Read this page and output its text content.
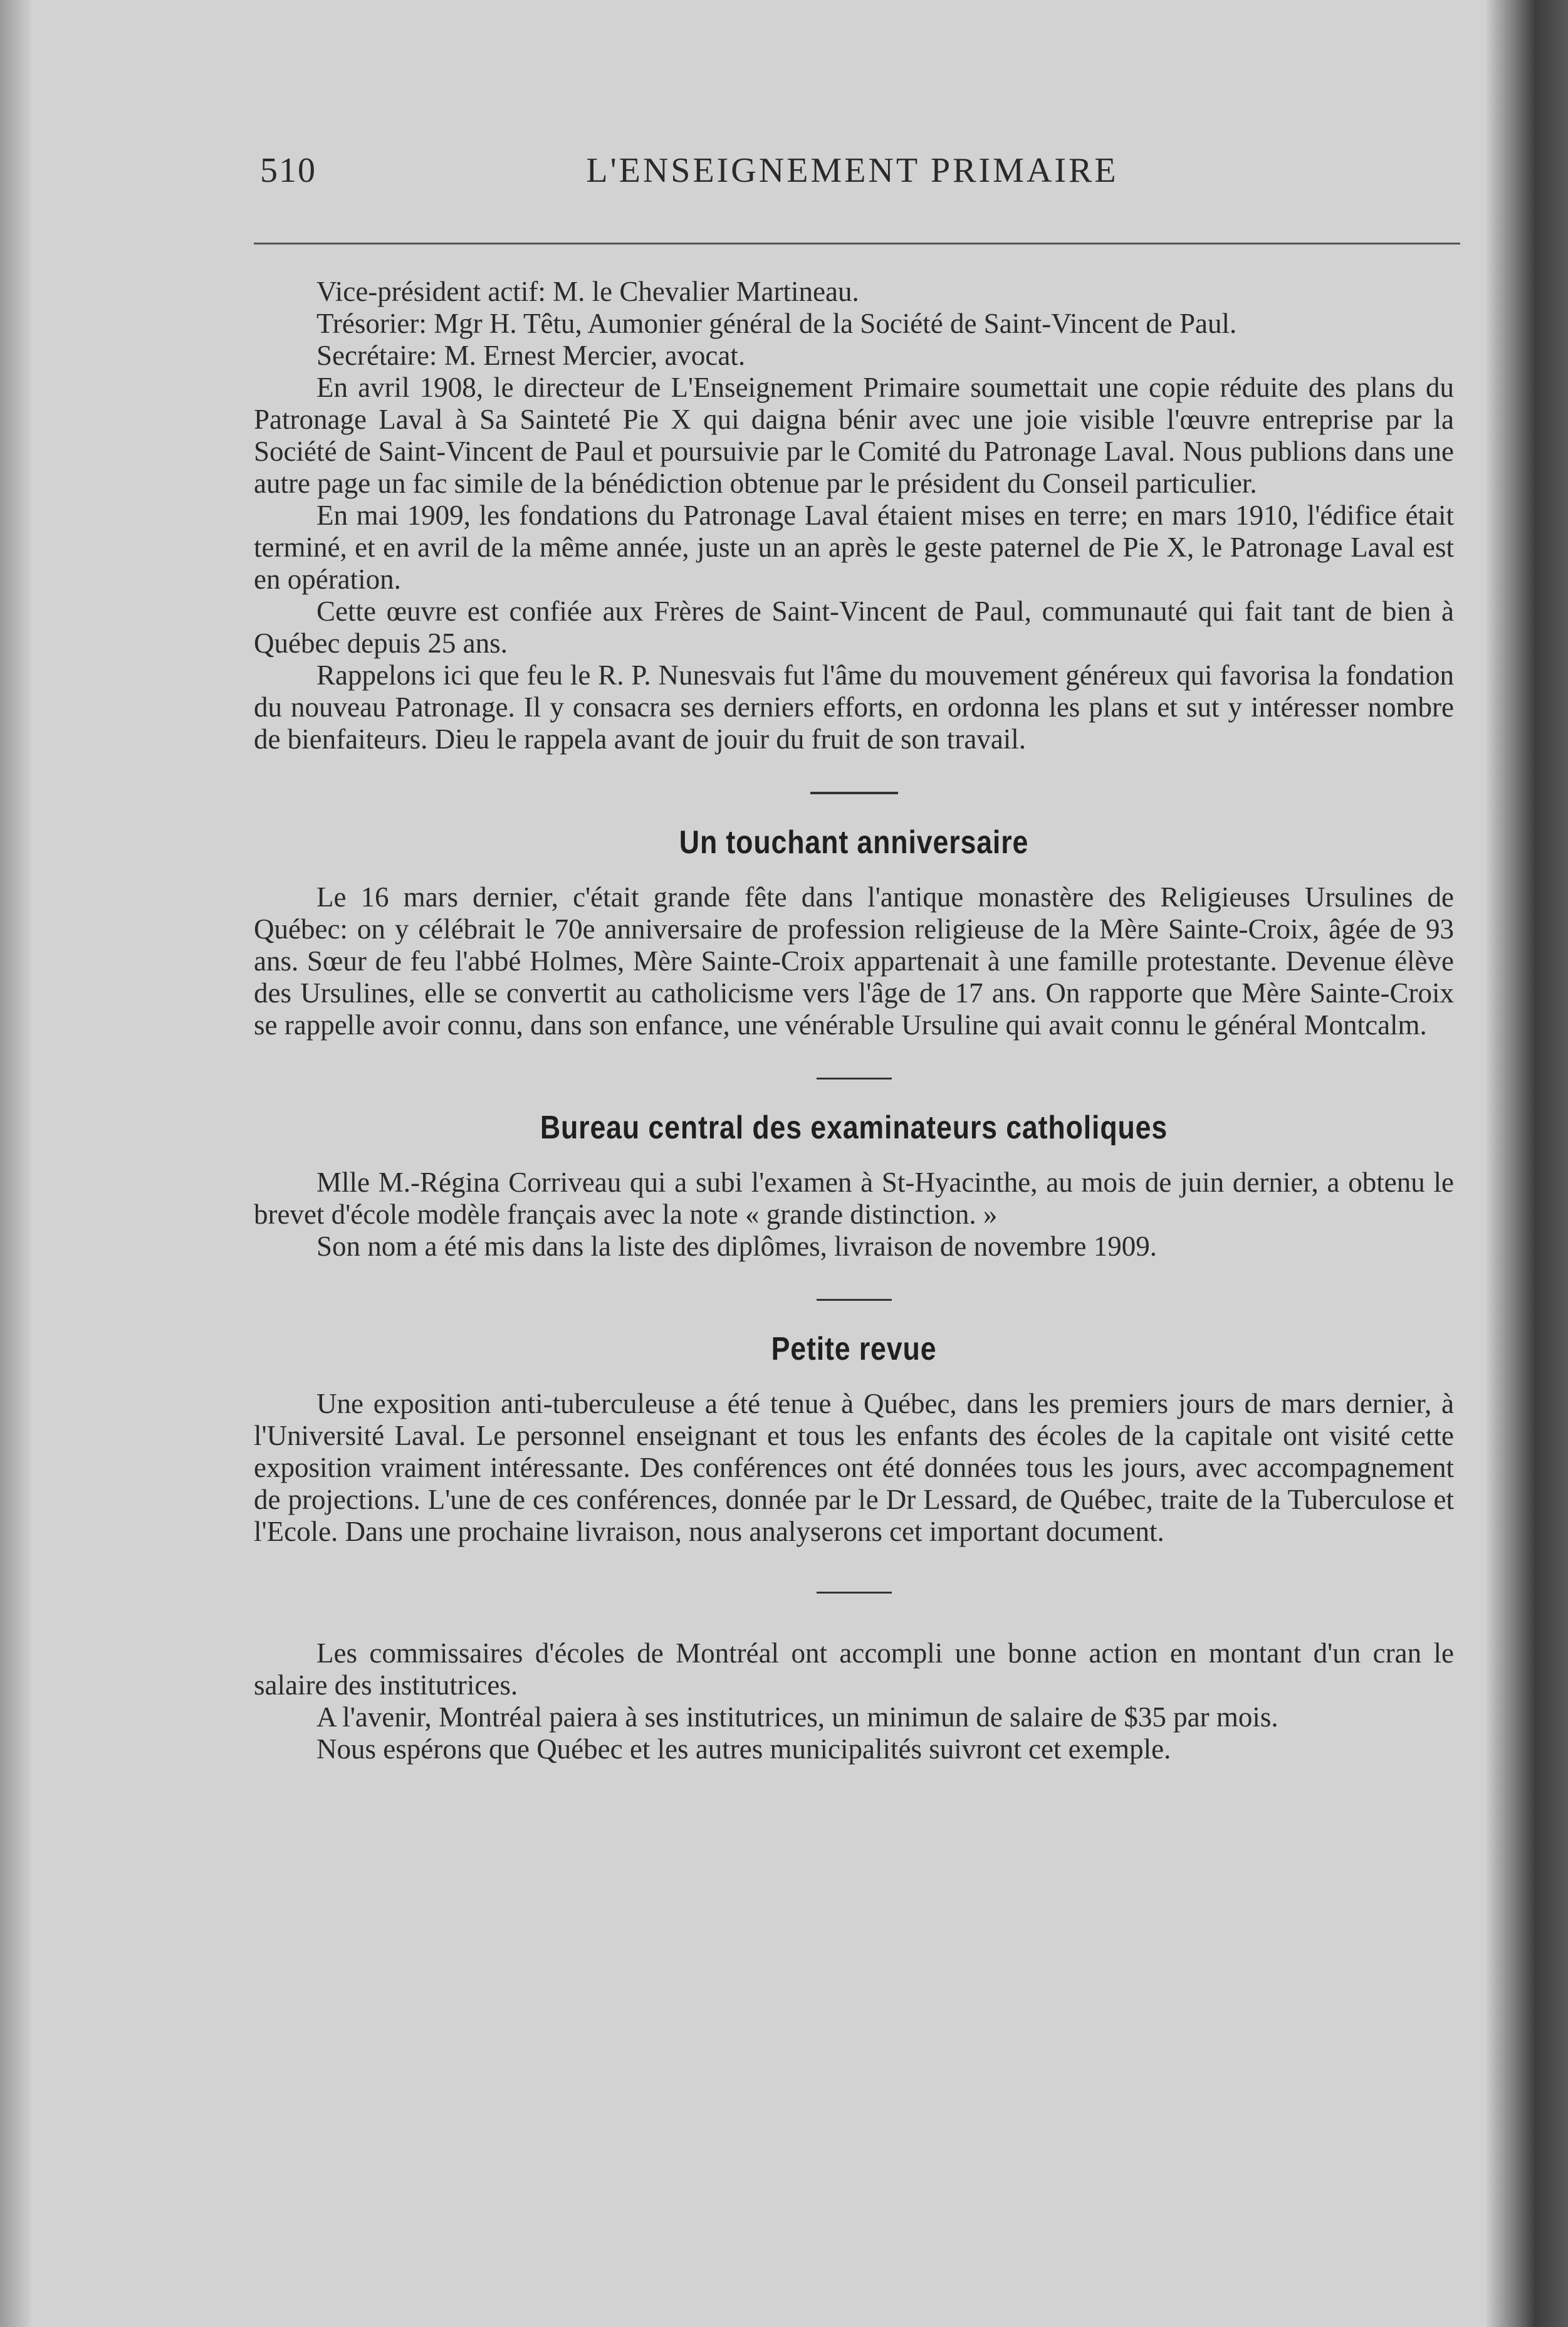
510	L'ENSEIGNEMENT PRIMAIRE

Vice-président actif: M. le Chevalier Martineau.

Trésorier: Mgr H. Têtu, Aumonier général de la Société de Saint-Vincent de Paul.

Secrétaire: M. Ernest Mercier, avocat.

En avril 1908, le directeur de L'Enseignement Primaire soumettait une copie réduite des plans du Patronage Laval à Sa Sainteté Pie X qui daigna bénir avec une joie visible l'œuvre entreprise par la Société de Saint-Vincent de Paul et poursuivie par le Comité du Patronage Laval. Nous publions dans une autre page un fac simile de la bénédiction obtenue par le président du Conseil particulier.

En mai 1909, les fondations du Patronage Laval étaient mises en terre; en mars 1910, l'édifice était terminé, et en avril de la même année, juste un an après le geste paternel de Pie X, le Patronage Laval est en opération.

Cette œuvre est confiée aux Frères de Saint-Vincent de Paul, communauté qui fait tant de bien à Québec depuis 25 ans.

Rappelons ici que feu le R. P. Nunesvais fut l'âme du mouvement généreux qui favorisa la fondation du nouveau Patronage. Il y consacra ses derniers efforts, en ordonna les plans et sut y intéresser nombre de bienfaiteurs. Dieu le rappela avant de jouir du fruit de son travail.

Un touchant anniversaire

Le 16 mars dernier, c'était grande fête dans l'antique monastère des Religieuses Ursulines de Québec: on y célébrait le 70e anniversaire de profession religieuse de la Mère Sainte-Croix, âgée de 93 ans. Sœur de feu l'abbé Holmes, Mère Sainte-Croix appartenait à une famille protestante. Devenue élève des Ursulines, elle se convertit au catholicisme vers l'âge de 17 ans. On rapporte que Mère Sainte-Croix se rappelle avoir connu, dans son enfance, une vénérable Ursuline qui avait connu le général Montcalm.

Bureau central des examinateurs catholiques

Mlle M.-Régina Corriveau qui a subi l'examen à St-Hyacinthe, au mois de juin dernier, a obtenu le brevet d'école modèle français avec la note « grande distinction. »

Son nom a été mis dans la liste des diplômes, livraison de novembre 1909.

Petite revue

Une exposition anti-tuberculeuse a été tenue à Québec, dans les premiers jours de mars dernier, à l'Université Laval. Le personnel enseignant et tous les enfants des écoles de la capitale ont visité cette exposition vraiment intéressante. Des conférences ont été données tous les jours, avec accompagnement de projections. L'une de ces conférences, donnée par le Dr Lessard, de Québec, traite de la Tuberculose et l'Ecole. Dans une prochaine livraison, nous analyserons cet important document.

Les commissaires d'écoles de Montréal ont accompli une bonne action en montant d'un cran le salaire des institutrices.

A l'avenir, Montréal paiera à ses institutrices, un minimun de salaire de $35 par mois.

Nous espérons que Québec et les autres municipalités suivront cet exemple.
